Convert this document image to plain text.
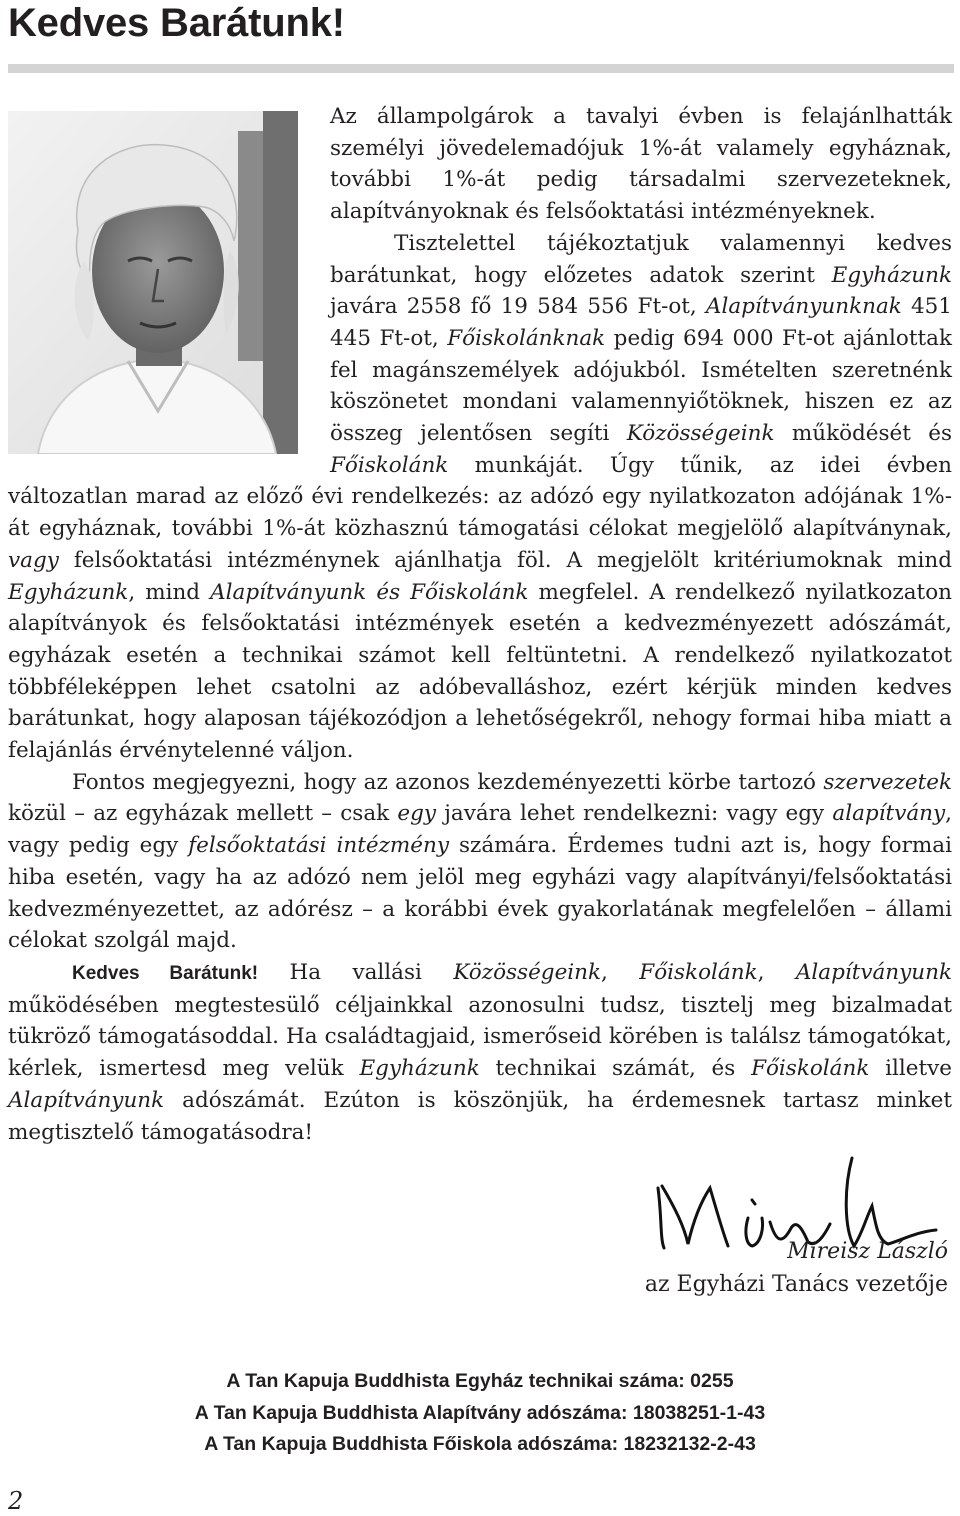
Kedves Barátunk!

Az állampolgárok a tavalyi évben is felajánlhatták személyi jövedelemadójuk 1%-át valamely egyháznak, további 1%-át pedig társadalmi szervezeteknek, alapítványoknak és felsőoktatási intézményeknek.

Tisztelettel tájékoztatjuk valamennyi kedves barátunkat, hogy előzetes adatok szerint Egyházunk javára 2558 fő 19 584 556 Ft-ot, Alapítványunknak 451 445 Ft-ot, Főiskolánknak pedig 694 000 Ft-ot ajánlottak fel magánszemélyek adójukból. Ismételten szeretnénk köszönetet mondani valamennyiőtöknek, hiszen ez az összeg jelentősen segíti Közösségeink működését és Főiskolánk munkáját. Úgy tűnik, az idei évben változatlan marad az előző évi rendelkezés: az adózó egy nyilatkozaton adójának 1%-át egyháznak, további 1%-át közhasznú támogatási célokat megjelölő alapítványnak, vagy felsőoktatási intézménynek ajánlhatja föl. A megjelölt kritériumoknak mind Egyházunk, mind Alapítványunk és Főiskolánk megfelel. A rendelkező nyilatkozaton alapítványok és felsőoktatási intézmények esetén a kedvezményezett adószámát, egyházak esetén a technikai számot kell feltüntetni. A rendelkező nyilatkozatot többféleképpen lehet csatolni az adóbevalláshoz, ezért kérjük minden kedves barátunkat, hogy alaposan tájékozódjon a lehetőségekről, nehogy formai hiba miatt a felajánlás érvénytelenné váljon.

Fontos megjegyezni, hogy az azonos kezdeményezetti körbe tartozó szervezetek közül – az egyházak mellett – csak egy javára lehet rendelkezni: vagy egy alapítvány, vagy pedig egy felsőoktatási intézmény számára. Érdemes tudni azt is, hogy formai hiba esetén, vagy ha az adózó nem jelöl meg egyházi vagy alapítványi/felsőoktatási kedvezményezettet, az adórész – a korábbi évek gyakorlatának megfelelően – állami célokat szolgál majd.

Kedves Barátunk! Ha vallási Közösségeink, Főiskolánk, Alapítványunk működésében megtestesülő céljainkkal azonosulni tudsz, tisztelj meg bizalmadat tükröző támogatásoddal. Ha családtagjaid, ismerőseid körében is találsz támogatókat, kérlek, ismertesd meg velük Egyházunk technikai számát, és Főiskolánk illetve Alapítványunk adószámát. Ezúton is köszönjük, ha érdemesnek tartasz minket megtisztelő támogatásodra!

Mireisz László
az Egyházi Tanács vezetője
A Tan Kapuja Buddhista Egyház technikai száma: 0255
A Tan Kapuja Buddhista Alapítvány adószáma: 18038251-1-43
A Tan Kapuja Buddhista Főiskola adószáma: 18232132-2-43
2
